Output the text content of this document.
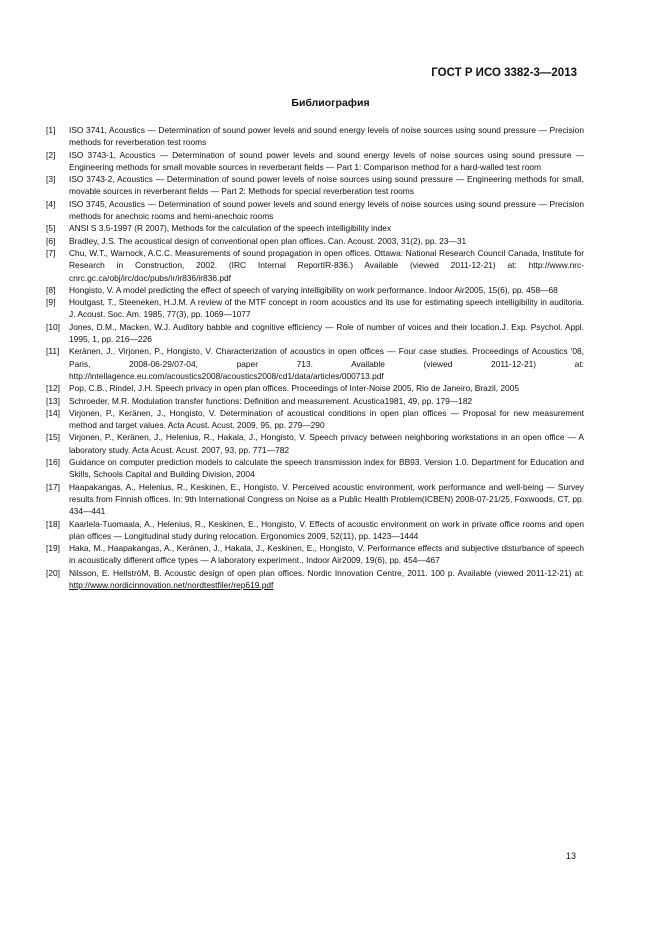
ГОСТ Р ИСО 3382-3—2013
Библиография
[1]	ISO 3741, Acoustics — Determination of sound power levels and sound energy levels of noise sources using sound pressure — Precision methods for reverberation test rooms
[2]	ISO 3743-1, Acoustics — Determination of sound power levels and sound energy levels of noise sources using sound pressure — Engineering methods for small movable sources in reverberant fields — Part 1: Comparison method for a hard-walled test room
[3]	ISO 3743-2, Acoustics — Determination of sound power levels of noise sources using sound pressure — Engineering methods for small, movable sources in reverberant fields — Part 2: Methods for special reverberation test rooms
[4]	ISO 3745, Acoustics — Determination of sound power levels and sound energy levels of noise sources using sound pressure — Precision methods for anechoic rooms and hemi-anechoic rooms
[5]	ANSI S 3.5-1997 (R 2007), Methods for the calculation of the speech intelligibility index
[6]	Bradley, J.S. The acoustical design of conventional open plan offices. Can. Acoust. 2003, 31(2), pp. 23—31
[7]	Chu, W.T., Warnock, A.C.C. Measurements of sound propagation in open offices. Ottawa: National Research Council Canada, Institute for Research in Construction, 2002. (IRC Internal ReportIR-836.) Available (viewed 2011-12-21) at: http://www.nrc-cnrc.gc.ca/obj/irc/doc/pubs/ir/ir836/ir836.pdf
[8]	Hongisto, V. A model predicting the effect of speech of varying intelligibility on work performance. Indoor Air2005, 15(6), pp. 458—68
[9]	Houtgast, T., Steeneken, H.J.M. A review of the MTF concept in room acoustics and its use for estimating speech intelligibility in auditoria. J. Acoust. Soc. Am. 1985, 77(3), pp. 1069—1077
[10]	Jones, D.M., Macken, W.J. Auditory babble and cognitive efficiency — Role of number of voices and their location.J. Exp. Psychol. Appl. 1995, 1, pp. 216—226
[11]	Keränen, J., Virjonen, P., Hongisto, V. Characterization of acoustics in open offices — Four case studies. Proceedings of Acoustics '08, Paris, 2008-06-29/07-04, paper 713. Available (viewed 2011-12-21) at: http://intellagence.eu.com/acoustics2008/acoustics2008/cd1/data/articles/000713.pdf
[12]	Pop, C.B., Rindel, J.H. Speech privacy in open plan offices. Proceedings of Inter-Noise 2005, Rio de Janeiro, Brazil, 2005
[13]	Schroeder, M.R. Modulation transfer functions: Definition and measurement. Acustica1981, 49, pp. 179—182
[14]	Virjonen, P., Keränen, J., Hongisto, V. Determination of acoustical conditions in open plan offices — Proposal for new measurement method and target values. Acta Acust. Acust. 2009, 95, pp. 279—290
[15]	Virjonen, P., Keränen, J., Helenius, R., Hakala, J., Hongisto, V. Speech privacy between neighboring workstations in an open office — A laboratory study. Acta Acust. Acust. 2007, 93, pp. 771—782
[16]	Guidance on computer prediction models to calculate the speech transmission index for BB93. Version 1.0. Department for Education and Skills, Schools Capital and Building Division, 2004
[17]	Haapakangas, A., Helenius, R., Keskinen, E., Hongisto, V. Perceived acoustic environment, work performance and well-being — Survey results from Finnish offices. In: 9th International Congress on Noise as a Public Health Problem(ICBEN) 2008-07-21/25, Foxwoods, CT, pp. 434—441
[18]	Kaarlela-Tuomaala, A., Helenius, R., Keskinen, E., Hongisto, V. Effects of acoustic environment on work in private office rooms and open plan offices — Longitudinal study during relocation. Ergonomics 2009, 52(11), pp. 1423—1444
[19]	Haka, M., Haapakangas, A., Keränen, J., Hakala, J., Keskinen, E., Hongisto, V. Performance effects and subjective disturbance of speech in acoustically different office types — A laboratory experiment., Indoor Air2009, 19(6), pp. 454—467
[20]	Nilsson, E. HellströM, B. Acoustic design of open plan offices. Nordic Innovation Centre, 2011. 100 p. Available (viewed 2011-12-21) at: http://www.nordicinnovation.net/nordtestfiler/rep619.pdf
13
